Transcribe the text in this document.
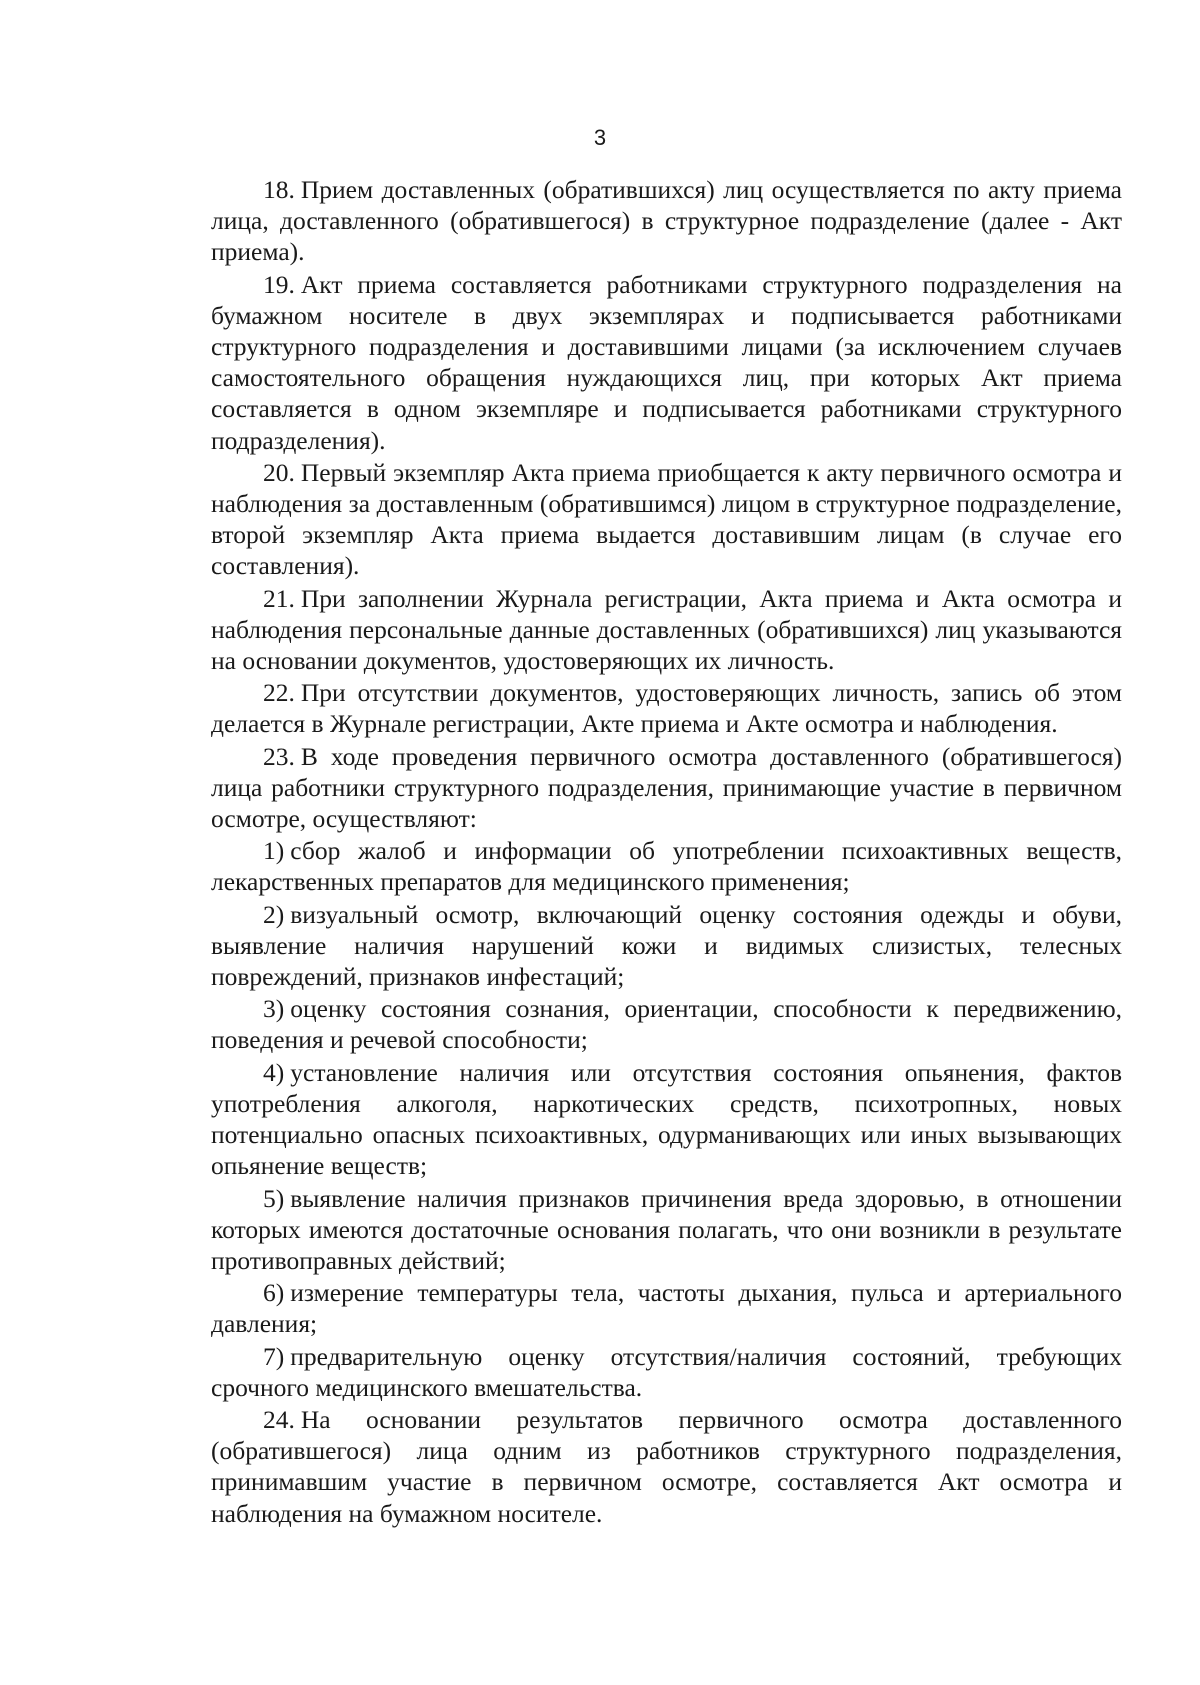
3

18. Прием доставленных (обратившихся) лиц осуществляется по акту приема лица, доставленного (обратившегося) в структурное подразделение (далее - Акт приема).

19. Акт приема составляется работниками структурного подразделения на бумажном носителе в двух экземплярах и подписывается работниками структурного подразделения и доставившими лицами (за исключением случаев самостоятельного обращения нуждающихся лиц, при которых Акт приема составляется в одном экземпляре и подписывается работниками структурного подразделения).

20. Первый экземпляр Акта приема приобщается к акту первичного осмотра и наблюдения за доставленным (обратившимся) лицом в структурное подразделение, второй экземпляр Акта приема выдается доставившим лицам (в случае его составления).

21. При заполнении Журнала регистрации, Акта приема и Акта осмотра и наблюдения персональные данные доставленных (обратившихся) лиц указываются на основании документов, удостоверяющих их личность.

22. При отсутствии документов, удостоверяющих личность, запись об этом делается в Журнале регистрации, Акте приема и Акте осмотра и наблюдения.

23. В ходе проведения первичного осмотра доставленного (обратившегося) лица работники структурного подразделения, принимающие участие в первичном осмотре, осуществляют:

1) сбор жалоб и информации об употреблении психоактивных веществ, лекарственных препаратов для медицинского применения;

2) визуальный осмотр, включающий оценку состояния одежды и обуви, выявление наличия нарушений кожи и видимых слизистых, телесных повреждений, признаков инфестаций;

3) оценку состояния сознания, ориентации, способности к передвижению, поведения и речевой способности;

4) установление наличия или отсутствия состояния опьянения, фактов употребления алкоголя, наркотических средств, психотропных, новых потенциально опасных психоактивных, одурманивающих или иных вызывающих опьянение веществ;

5) выявление наличия признаков причинения вреда здоровью, в отношении которых имеются достаточные основания полагать, что они возникли в результате противоправных действий;

6) измерение температуры тела, частоты дыхания, пульса и артериального давления;

7) предварительную оценку отсутствия/наличия состояний, требующих срочного медицинского вмешательства.

24. На основании результатов первичного осмотра доставленного (обратившегося) лица одним из работников структурного подразделения, принимавшим участие в первичном осмотре, составляется Акт осмотра и наблюдения на бумажном носителе.
